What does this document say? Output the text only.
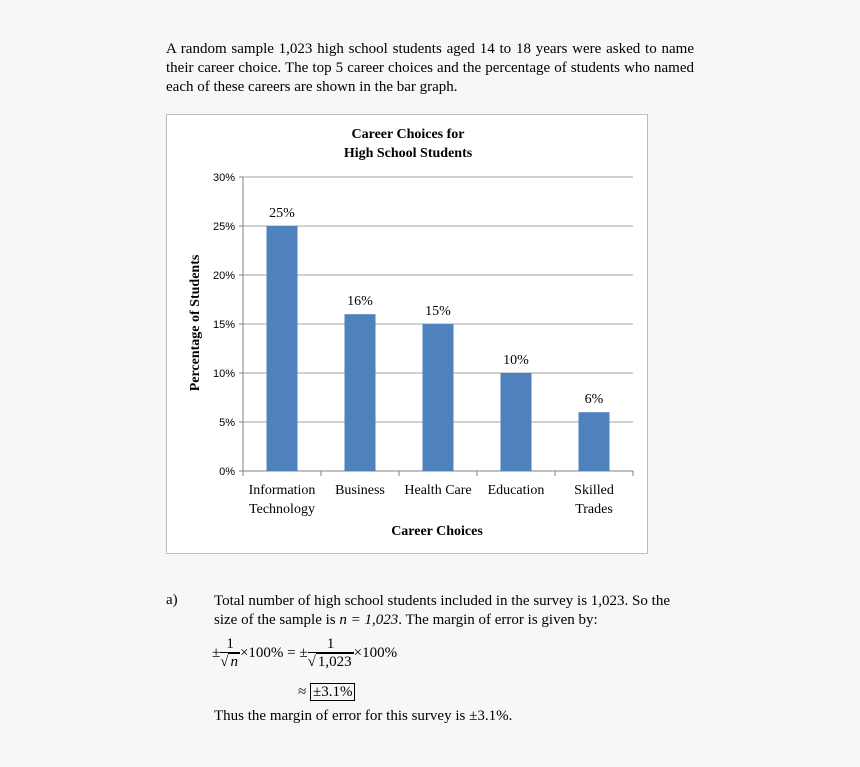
A random sample 1,023 high school students aged 14 to 18 years were asked to name their career choice. The top 5 career choices and the percentage of students who named each of these careers are shown in the bar graph.
Career Choices for
High School Students
0%
5%
10%
15%
20%
25%
30%
25%
Information
Technology
16%
Business
15%
Health Care
10%
Education
6%
Skilled
Trades
Career Choices
Percentage of Students
a) Total number of high school students included in the survey is 1,023. So the size of the sample is n = 1,023. The margin of error is given by:
± $\frac{1}{√ n} \times 100\%$ = ± $\frac{1}{√ 1,023} \times 100\%$
≈ ±3.1%
Thus the margin of error for this survey is ±3.1%.
